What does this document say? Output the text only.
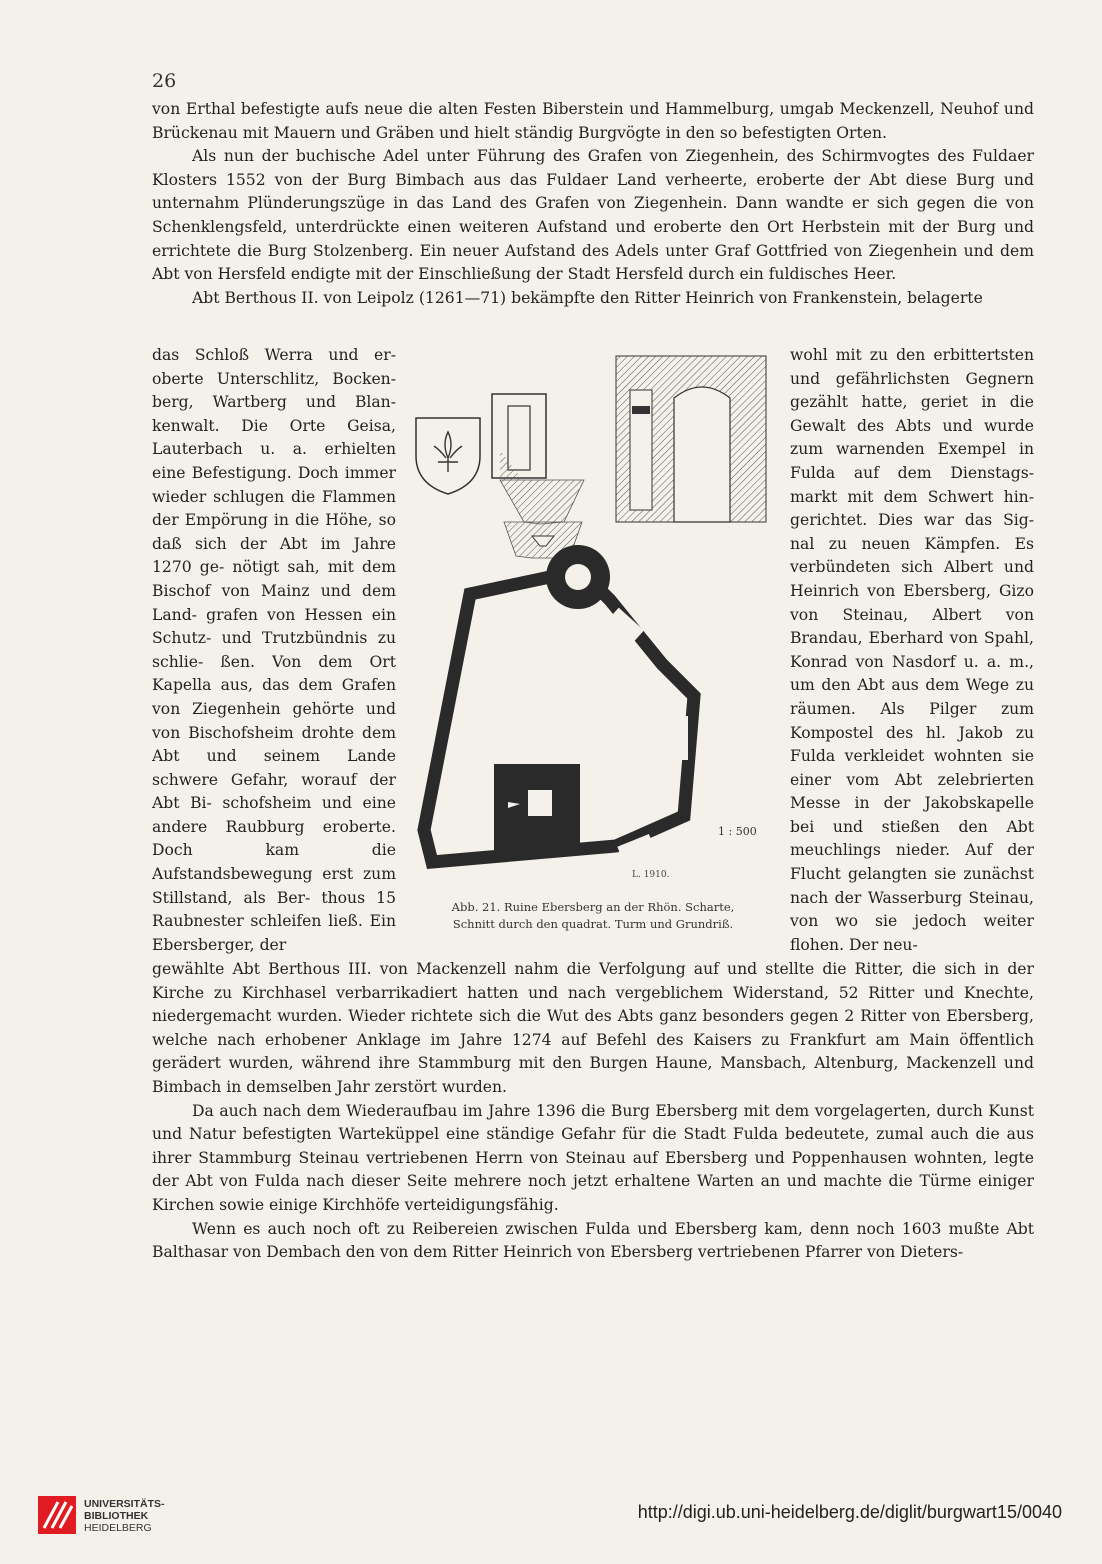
26

von Erthal befestigte aufs neue die alten Festen Biberstein und Hammelburg, umgab Meckenzell, Neuhof und Brückenau mit Mauern und Gräben und hielt ständig Burgvögte in den so befestigten Orten.

Als nun der buchische Adel unter Führung des Grafen von Ziegenhein, des Schirmvogtes des Fuldaer Klosters 1552 von der Burg Bimbach aus das Fuldaer Land verheerte, eroberte der Abt diese Burg und unternahm Plünderungszüge in das Land des Grafen von Ziegenhein. Dann wandte er sich gegen die von Schenklengsfeld, unterdrückte einen weiteren Aufstand und eroberte den Ort Herbstein mit der Burg und errichtete die Burg Stolzenberg. Ein neuer Aufstand des Adels unter Graf Gottfried von Ziegenhein und dem Abt von Hersfeld endigte mit der Einschließung der Stadt Hersfeld durch ein fuldisches Heer.

Abt Berthous II. von Leipolz (1261—71) bekämpfte den Ritter Heinrich von Frankenstein, belagerte

das Schloß Werra und er- oberte Unterschlitz, Bocken- berg, Wartberg und Blan- kenwalt. Die Orte Geisa, Lauterbach u. a. erhielten eine Befestigung. Doch immer wieder schlugen die Flammen der Empörung in die Höhe, so daß sich der Abt im Jahre 1270 ge- nötigt sah, mit dem Bischof von Mainz und dem Land- grafen von Hessen ein Schutz- und Trutzbündnis zu schlie- ßen. Von dem Ort Kapella aus, das dem Grafen von Ziegenhein gehörte und von Bischofsheim drohte dem Abt und seinem Lande schwere Gefahr, worauf der Abt Bi- schofsheim und eine andere Raubburg eroberte. Doch kam die Aufstandsbewegung erst zum Stillstand, als Ber- thous 15 Raubnester schleifen ließ. Ein Ebersberger, der
wohl mit zu den erbittertsten und gefährlichsten Gegnern gezählt hatte, geriet in die Gewalt des Abts und wurde zum warnenden Exempel in Fulda auf dem Dienstags- markt mit dem Schwert hin- gerichtet. Dies war das Sig- nal zu neuen Kämpfen. Es verbündeten sich Albert und Heinrich von Ebersberg, Gizo von Steinau, Albert von Brandau, Eberhard von Spahl, Konrad von Nasdorf u. a. m., um den Abt aus dem Wege zu räumen. Als Pilger zum Kompostel des hl. Jakob zu Fulda verkleidet wohnten sie einer vom Abt zelebrierten Messe in der Jakobskapelle bei und stießen den Abt meuchlings nieder. Auf der Flucht gelangten sie zunächst nach der Wasserburg Steinau, von wo sie jedoch weiter flohen. Der neu-
1 : 500
L. 1910.
Abb. 21. Ruine Ebersberg an der Rhön. Scharte,
Schnitt durch den quadrat. Turm und Grundriß.

gewählte Abt Berthous III. von Mackenzell nahm die Verfolgung auf und stellte die Ritter, die sich in der Kirche zu Kirchhasel verbarrikadiert hatten und nach vergeblichem Widerstand, 52 Ritter und Knechte, niedergemacht wurden. Wieder richtete sich die Wut des Abts ganz besonders gegen 2 Ritter von Ebersberg, welche nach erhobener Anklage im Jahre 1274 auf Befehl des Kaisers zu Frankfurt am Main öffentlich gerädert wurden, während ihre Stammburg mit den Burgen Haune, Mansbach, Altenburg, Mackenzell und Bimbach in demselben Jahr zerstört wurden.

Da auch nach dem Wiederaufbau im Jahre 1396 die Burg Ebersberg mit dem vorgelagerten, durch Kunst und Natur befestigten Warteküppel eine ständige Gefahr für die Stadt Fulda bedeutete, zumal auch die aus ihrer Stammburg Steinau vertriebenen Herrn von Steinau auf Ebersberg und Poppenhausen wohnten, legte der Abt von Fulda nach dieser Seite mehrere noch jetzt erhaltene Warten an und machte die Türme einiger Kirchen sowie einige Kirchhöfe verteidigungsfähig.

Wenn es auch noch oft zu Reibereien zwischen Fulda und Ebersberg kam, denn noch 1603 mußte Abt Balthasar von Dembach den von dem Ritter Heinrich von Ebersberg vertriebenen Pfarrer von Dieters-

UNIVERSITÄTS-
BIBLIOTHEK
HEIDELBERG
http://digi.ub.uni-heidelberg.de/diglit/burgwart15/0040
